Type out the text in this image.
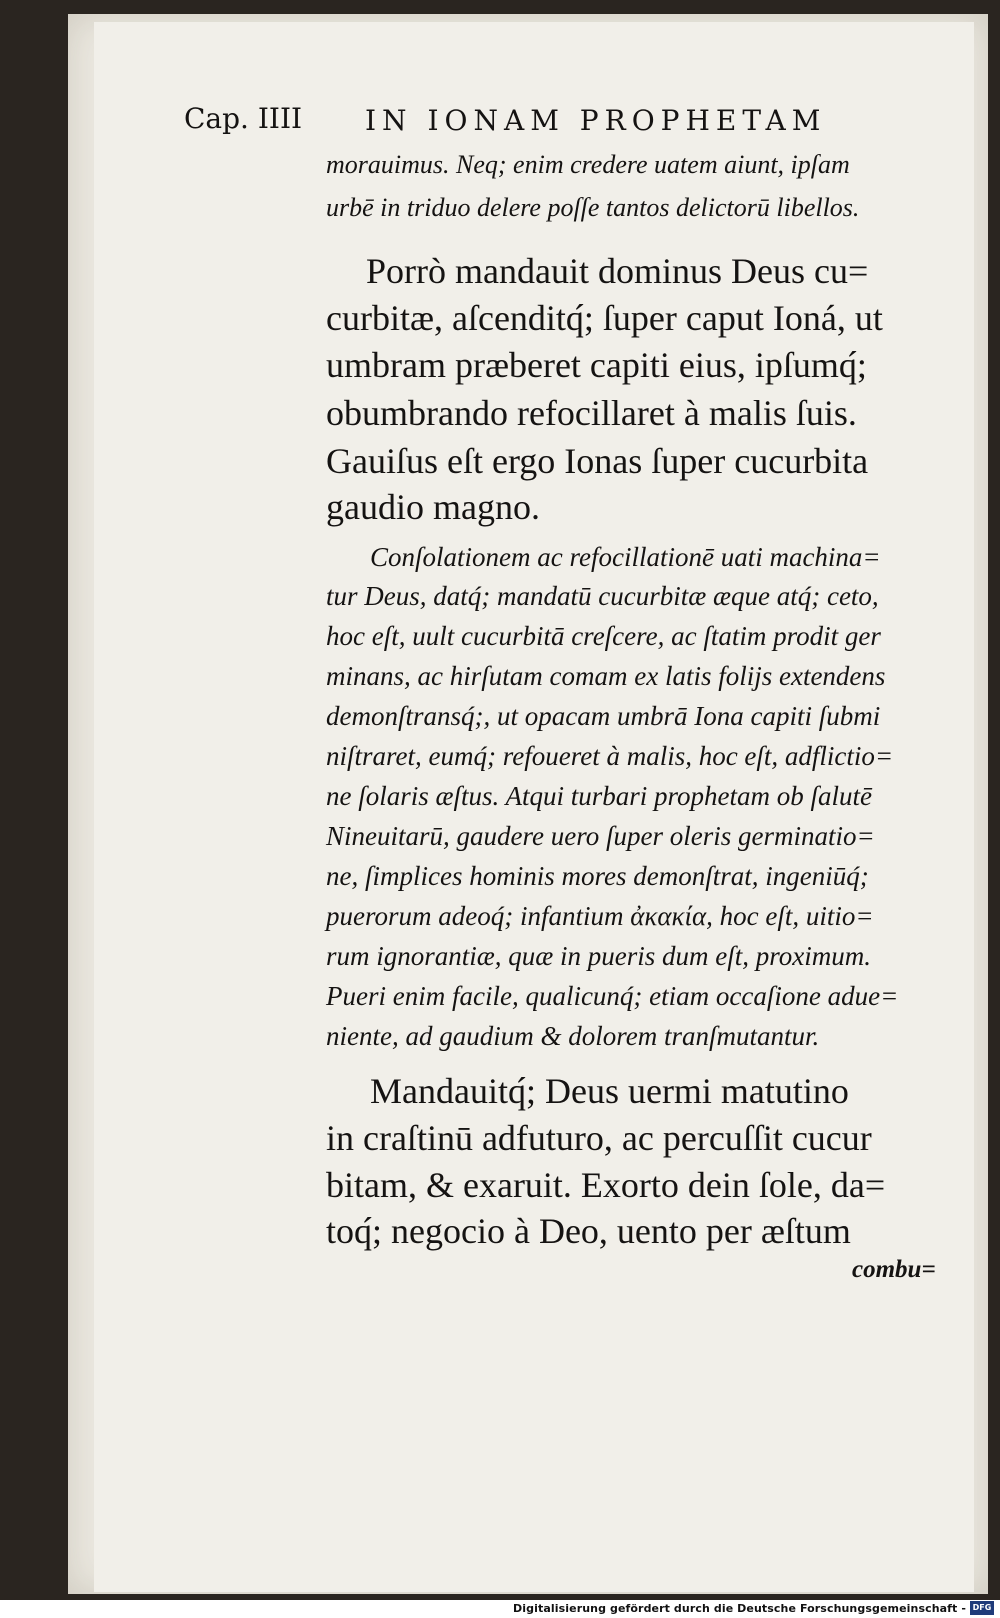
Cap. IIII IN IONAM PROPHETAM
morauimus. Neq; enim credere uatem aiunt, ipſam
urbē in triduo delere poſſe tantos delictorū libellos.
Porrò mandauit dominus Deus cu=
curbitæ, aſcenditq́; ſuper caput Ioná, ut
umbram præberet capiti eius, ipſumq́;
obumbrando refocillaret à malis ſuis.
Gauiſus eſt ergo Ionas ſuper cucurbita
gaudio magno.
Conſolationem ac refocillationē uati machina=
tur Deus, datq́; mandatū cucurbitæ æque atq́; ceto,
hoc eſt, uult cucurbitā creſcere, ac ſtatim prodit ger
minans, ac hirſutam comam ex latis folijs extendens
demonſtransq́;, ut opacam umbrā Iona capiti ſubmi
niſtraret, eumq́; refoueret à malis, hoc eſt, adflictio=
ne ſolaris æſtus. Atqui turbari prophetam ob ſalutē
Nineuitarū, gaudere uero ſuper oleris germinatio=
ne, ſimplices hominis mores demonſtrat, ingeniūq́;
puerorum adeoq́; infantium ἀκακία, hoc eſt, uitio=
rum ignorantiæ, quæ in pueris dum eſt, proximum.
Pueri enim facile, qualicunq́; etiam occaſione adue=
niente, ad gaudium & dolorem tranſmutantur.
Mandauitq́; Deus uermi matutino
in craſtinū adfuturo, ac percuſſit cucur
bitam, & exaruit. Exorto dein ſole, da=
toq́; negocio à Deo, uento per æſtum
combu=
Digitalisierung gefördert durch die Deutsche Forschungsgemeinschaft - DFG
